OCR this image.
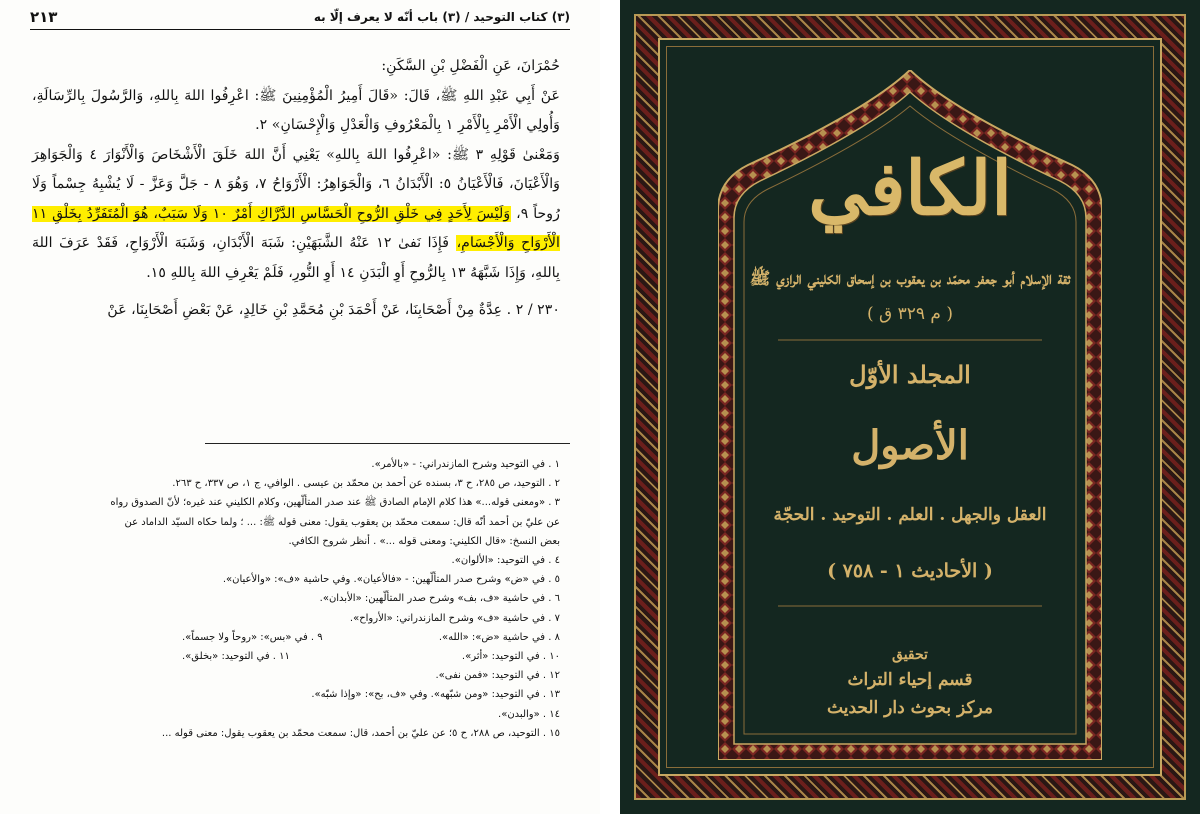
٢١٣	(٣) كتاب التوحيد / (٣) باب أنّه لا يعرف إلّا به

حُمْرَانَ، عَنِ الْفَضْلِ بْنِ السَّكَنِ:

عَنْ أَبِي عَبْدِ اللهِ ﷺ، قَالَ: «قَالَ أَمِيرُ الْمُؤْمِنِينَ ﷺ: اعْرِفُوا اللهَ بِاللهِ، وَالرَّسُولَ بِالرِّسَالَةِ، وَأُولِي الْأَمْرِ بِالْأَمْرِ ١ بِالْمَعْرُوفِ وَالْعَدْلِ وَالْإِحْسَانِ» ٢.

وَمَعْنىٰ قَوْلِهِ ٣ ﷺ: «اعْرِفُوا اللهَ بِاللهِ» يَعْنِي أَنَّ اللهَ خَلَقَ الْأَشْخَاصَ وَالْأَنْوَارَ ٤ وَالْجَوَاهِرَ وَالْأَعْيَانَ، فَالْأَعْيَانُ ٥: الْأَبْدَانُ ٦، وَالْجَوَاهِرُ: الْأَرْوَاحُ ٧، وَهُوَ ٨ - جَلَّ وَعَزَّ - لَا يُشْبِهُ جِسْماً وَلَا رُوحاً ٩، وَلَيْسَ لِأَحَدٍ فِي خَلْقِ الرُّوحِ الْحَسَّاسِ الدَّرَّاكِ أَمْرٌ ١٠ وَلَا سَبَبٌ، هُوَ الْمُتَفَرِّدُ بِخَلْقِ ١١ الْأَرْوَاحِ وَالْأَجْسَامِ، فَإِذَا نَفىٰ ١٢ عَنْهُ الشَّبَهَيْنِ: شَبَهَ الْأَبْدَانِ، وَشَبَهَ الْأَرْوَاحِ، فَقَدْ عَرَفَ اللهَ بِاللهِ، وَإِذَا شَبَّهَهُ ١٣ بِالرُّوحِ أَوِ الْبَدَنِ ١٤ أَوِ النُّورِ، فَلَمْ يَعْرِفِ اللهَ بِاللهِ ١٥.

٢٣٠ / ٢ . عِدَّةٌ مِنْ أَصْحَابِنَا، عَنْ أَحْمَدَ بْنِ مُحَمَّدِ بْنِ خَالِدٍ، عَنْ بَعْضِ أَصْحَابِنَا، عَنْ

١ . في التوحيد وشرح المازندراني: - «بالأمر».
٢ . التوحيد، ص ٢٨٥، ح ٣، بسنده عن أحمد بن محمّد بن عيسى . الوافي، ج ١، ص ٣٣٧، ح ٢٦٣.
٣ . «ومعنى قوله...» هذا كلام الإمام الصادق ﷺ عند صدر المتألّهين، وكلام الكليني عند غيره؛ لأنّ الصدوق رواه
عن عليّ بن أحمد أنّه قال: سمعت محمّد بن يعقوب يقول: معنى قوله ﷺ: ... ؛ ولما حكاه السيّد الداماد عن
بعض النسخ: «قال الكليني: ومعنى قوله ...» . أنظر شروح الكافي.
٤ . في التوحيد: «الألوان».
٥ . في «ض» وشرح صدر المتألّهين: - «فالأعيان». وفي حاشية «ف»: «والأعيان».
٦ . في حاشية «ف، بف» وشرح صدر المتألّهين: «الأبدان».
٧ . في حاشية «ف» وشرح المازندراني: «الأرواح».
٨ . في حاشية «ض»: «الله».
٩ . في «بس»: «روحاً ولا جسماً».
١٠ . في التوحيد: «أثر».
١١ . في التوحيد: «بخلق».
١٢ . في التوحيد: «فمن نفى».
١٣ . في التوحيد: «ومن شبّهه». وفي «ف، بح»: «وإذا شبّه».
١٤ . «والبدن».
١٥ . التوحيد، ص ٢٨٨، ح ٥؛ عن عليّ بن أحمد، قال: سمعت محمّد بن يعقوب يقول: معنى قوله ...
الكافي
ثقة الإسلام أبو جعفر محمّد بن يعقوب بن إسحاق الكليني الرازي ﷺ
( م ٣٢٩ ق )
المجلد الأوّل
الأصول
العقل والجهل . العلم . التوحيد . الحجّة
( الأحاديث ١ - ٧٥٨ )
تحقيق
قسم إحياء التراث
مركز بحوث دار الحديث
